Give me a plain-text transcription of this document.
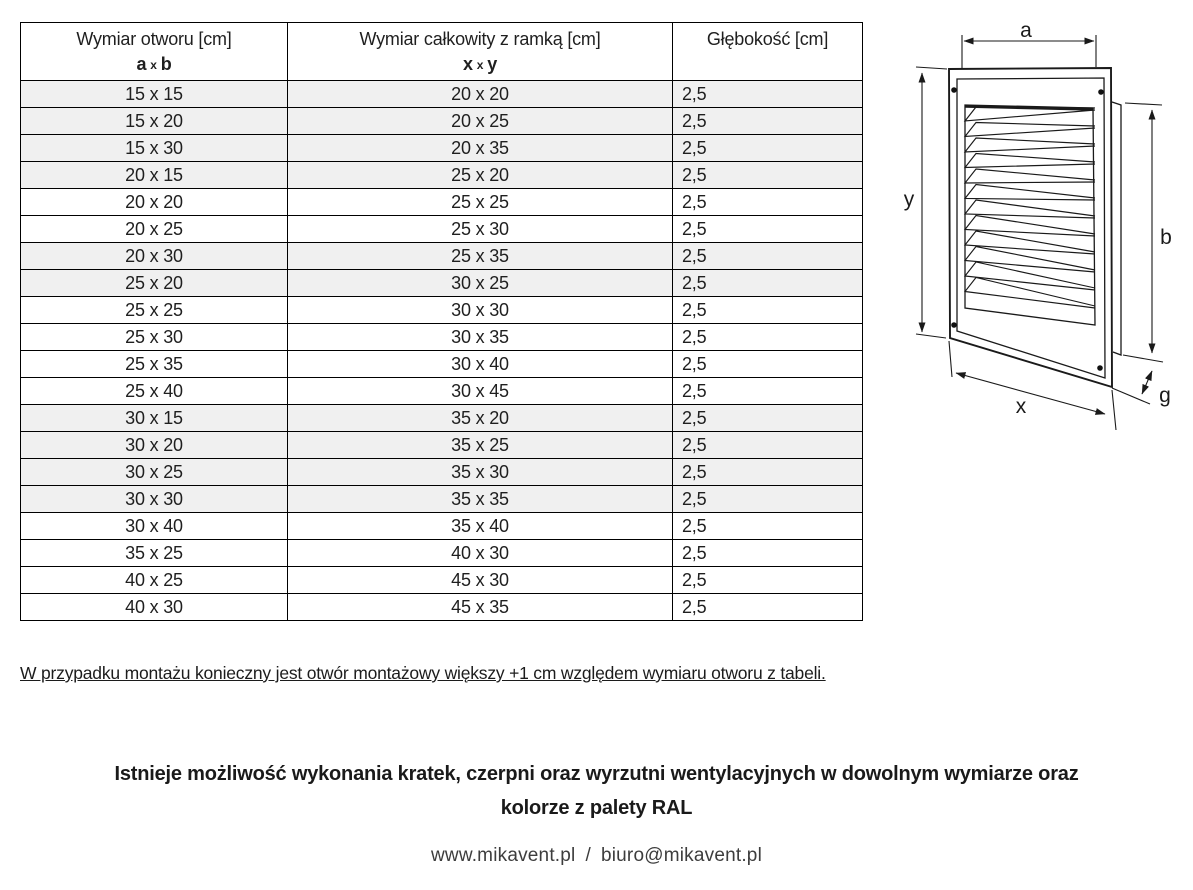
Wymiar otworu [cm]
ax b

Wymiar całkowity z ramką [cm]
xx y

Głębokość [cm]

15 x 15	20 x 20	2,5
15 x 20	20 x 25	2,5
15 x 30	20 x 35	2,5
20 x 15	25 x 20	2,5
20 x 20	25 x 25	2,5
20 x 25	25 x 30	2,5
20 x 30	25 x 35	2,5
25 x 20	30 x 25	2,5
25 x 25	30 x 30	2,5
25 x 30	30 x 35	2,5
25 x 35	30 x 40	2,5
25 x 40	30 x 45	2,5
30 x 15	35 x 20	2,5
30 x 20	35 x 25	2,5
30 x 25	35 x 30	2,5
30 x 30	35 x 35	2,5
30 x 40	35 x 40	2,5
35 x 25	40 x 30	2,5
40 x 25	45 x 30	2,5
40 x 30	45 x 35	2,5
a
y
b
x	g
W przypadku montażu konieczny jest otwór montażowy większy +1 cm względem wymiaru otworu z tabeli.
Istnieje możliwość wykonania kratek, czerpni oraz wyrzutni wentylacyjnych w dowolnym wymiarze oraz
kolorze z palety RAL
www.mikavent.pl / biuro@mikavent.pl
